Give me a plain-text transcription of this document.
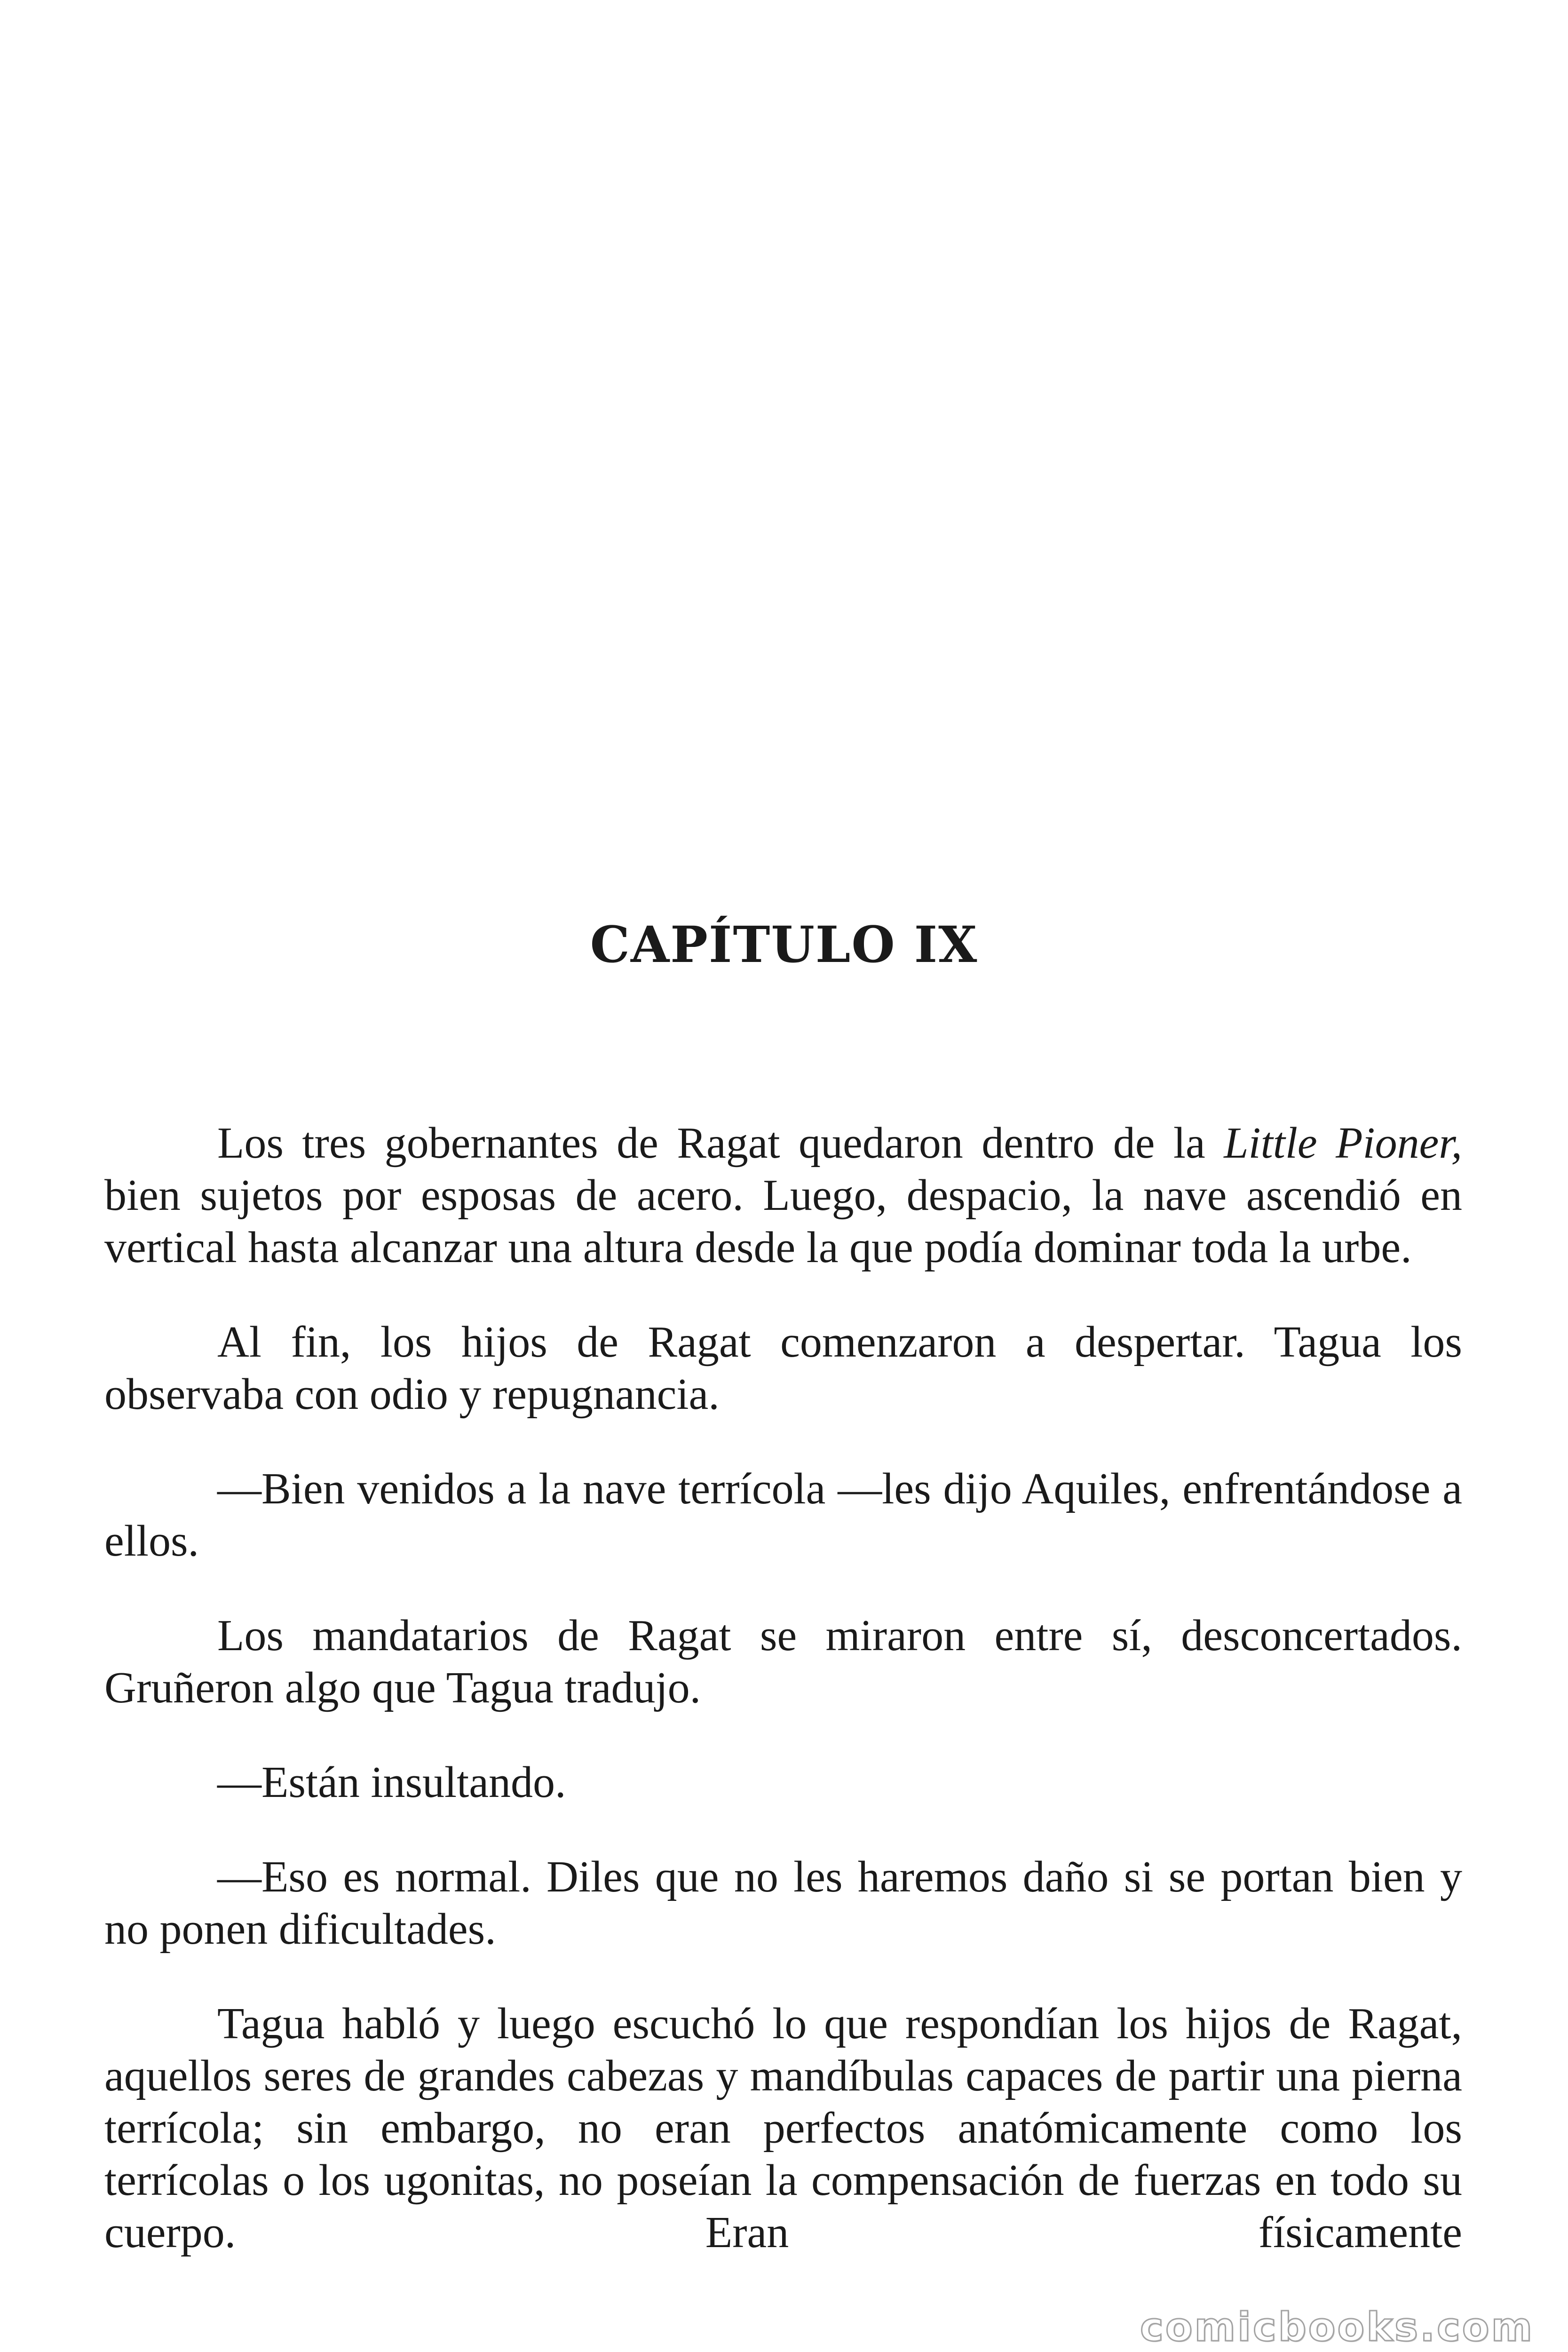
CAPÍTULO IX

Los tres gobernantes de Ragat quedaron dentro de la Little Pioner, bien sujetos por esposas de acero. Luego, despacio, la nave ascendió en vertical hasta alcanzar una altura desde la que podía dominar toda la urbe.

Al fin, los hijos de Ragat comenzaron a despertar. Tagua los observaba con odio y repugnancia.

—Bien venidos a la nave terrícola —les dijo Aquiles, enfrentándose a ellos.

Los mandatarios de Ragat se miraron entre sí, desconcertados. Gruñeron algo que Tagua tradujo.

—Están insultando.

—Eso es normal. Diles que no les haremos daño si se portan bien y no ponen dificultades.

Tagua habló y luego escuchó lo que respondían los hijos de Ragat, aquellos seres de grandes cabezas y mandíbulas capaces de partir una pierna terrícola; sin embargo, no eran perfectos anatómicamente como los terrícolas o los ugonitas, no poseían la compensación de fuerzas en todo su cuerpo. Eran físicamente

comicbooks.com
